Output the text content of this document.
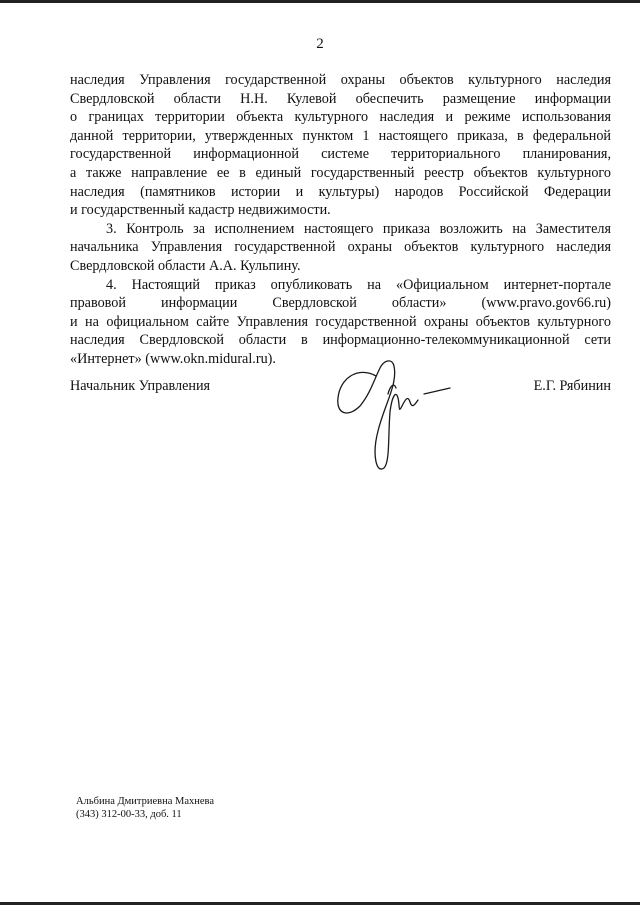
2

наследия Управления государственной охраны объектов культурного наследия
Свердловской области Н.Н. Кулевой обеспечить размещение информации
о границах территории объекта культурного наследия и режиме использования
данной территории, утвержденных пунктом 1 настоящего приказа, в федеральной
государственной информационной системе территориального планирования,
а также направление ее в единый государственный реестр объектов культурного
наследия (памятников истории и культуры) народов Российской Федерации
и государственный кадастр недвижимости.

3. Контроль за исполнением настоящего приказа возложить на Заместителя
начальника Управления государственной охраны объектов культурного наследия
Свердловской области А.А. Кульпину.

4. Настоящий приказ опубликовать на «Официальном интернет-портале
правовой информации Свердловской области» (www.pravo.gov66.ru)
и на официальном сайте Управления государственной охраны объектов культурного
наследия Свердловской области в информационно-телекоммуникационной сети
«Интернет» (www.okn.midural.ru).

Начальник Управления	Е.Г. Рябинин
Альбина Дмитриевна Махнева
(343) 312-00-33, доб. 11
